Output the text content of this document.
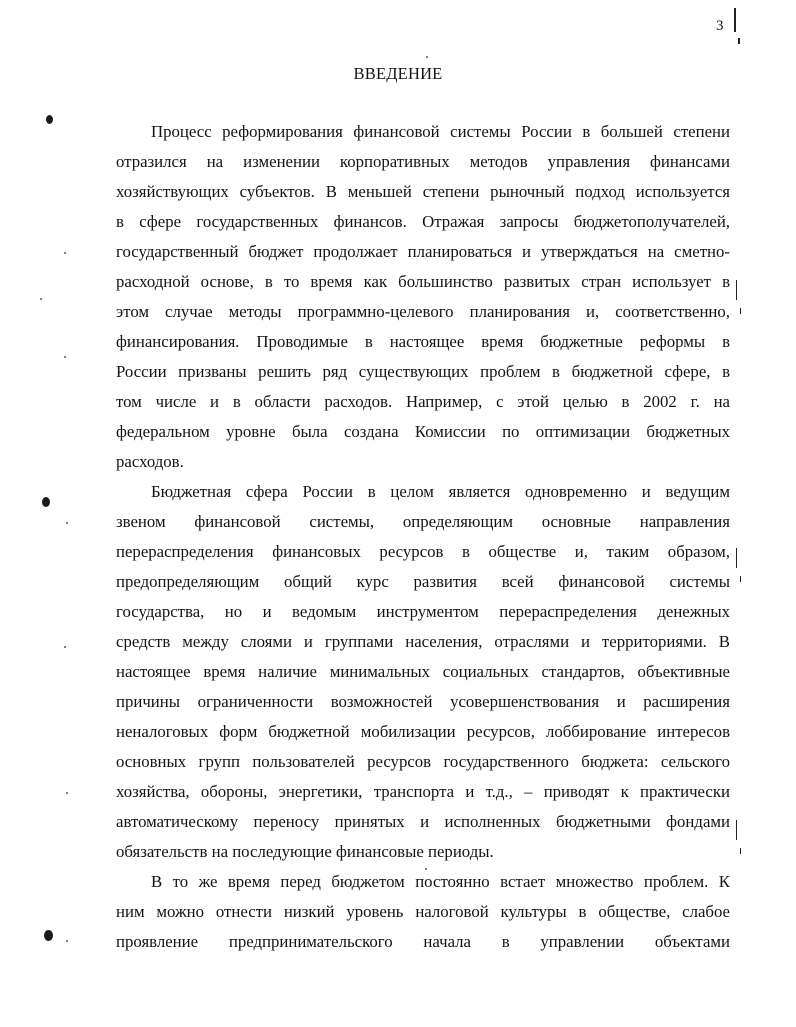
3
ВВЕДЕНИЕ
Процесс реформирования финансовой системы России в большей степени
отразился на изменении корпоративных методов управления финансами
хозяйствующих субъектов. В меньшей степени рыночный подход используется
в сфере государственных финансов. Отражая запросы бюджетополучателей,
государственный бюджет продолжает планироваться и утверждаться на сметно-
расходной основе, в то время как большинство развитых стран использует в
этом случае методы программно-целевого планирования и, соответственно,
финансирования. Проводимые в настоящее время бюджетные реформы в
России призваны решить ряд существующих проблем в бюджетной сфере, в
том числе и в области расходов. Например, с этой целью в 2002 г. на
федеральном уровне была создана Комиссии по оптимизации бюджетных
расходов.
Бюджетная сфера России в целом является одновременно и ведущим
звеном финансовой системы, определяющим основные направления
перераспределения финансовых ресурсов в обществе и, таким образом,
предопределяющим общий курс развития всей финансовой системы
государства, но и ведомым инструментом перераспределения денежных
средств между слоями и группами населения, отраслями и территориями. В
настоящее время наличие минимальных социальных стандартов, объективные
причины ограниченности возможностей усовершенствования и расширения
неналоговых форм бюджетной мобилизации ресурсов, лоббирование интересов
основных групп пользователей ресурсов государственного бюджета: сельского
хозяйства, обороны, энергетики, транспорта и т.д., – приводят к практически
автоматическому переносу принятых и исполненных бюджетными фондами
обязательств на последующие финансовые периоды.
В то же время перед бюджетом постоянно встает множество проблем. К
ним можно отнести низкий уровень налоговой культуры в обществе, слабое
проявление предпринимательского начала в управлении объектами
